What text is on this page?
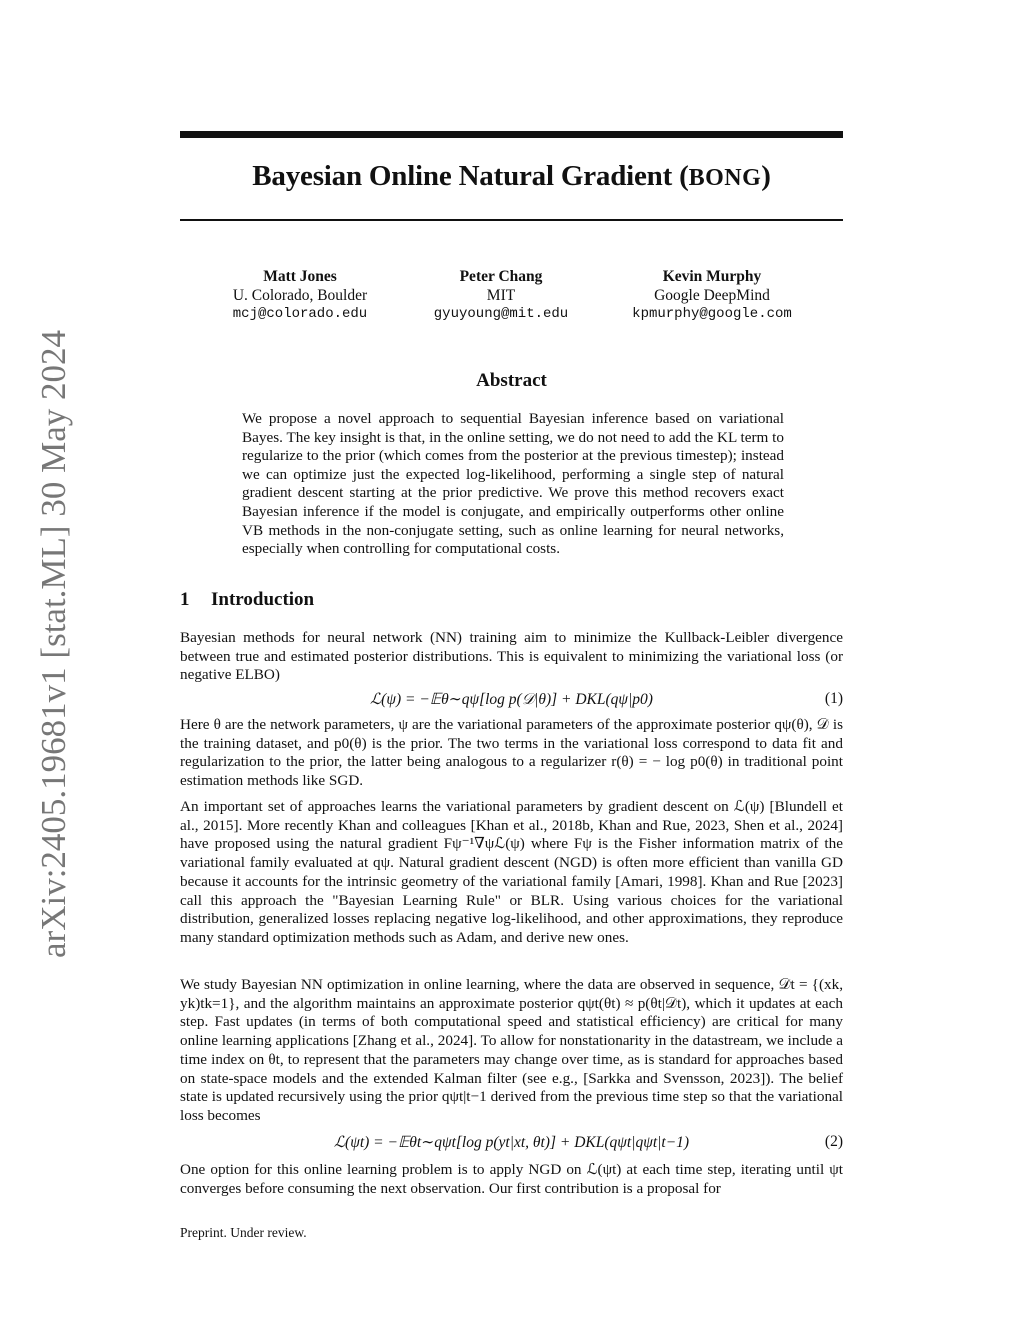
Bayesian Online Natural Gradient (BONG)
Matt Jones
U. Colorado, Boulder
mcj@colorado.edu
Peter Chang
MIT
gyuyoung@mit.edu
Kevin Murphy
Google DeepMind
kpmurphy@google.com
Abstract
We propose a novel approach to sequential Bayesian inference based on variational Bayes. The key insight is that, in the online setting, we do not need to add the KL term to regularize to the prior (which comes from the posterior at the previous timestep); instead we can optimize just the expected log-likelihood, performing a single step of natural gradient descent starting at the prior predictive. We prove this method recovers exact Bayesian inference if the model is conjugate, and empirically outperforms other online VB methods in the non-conjugate setting, such as online learning for neural networks, especially when controlling for computational costs.
1 Introduction
Bayesian methods for neural network (NN) training aim to minimize the Kullback-Leibler divergence between true and estimated posterior distributions. This is equivalent to minimizing the variational loss (or negative ELBO)
ℒ(ψ) = −𝔼θ∼qψ[log p(𝒟|θ)] + DKL(qψ|p0)	(1)
Here θ are the network parameters, ψ are the variational parameters of the approximate posterior qψ(θ), 𝒟 is the training dataset, and p0(θ) is the prior. The two terms in the variational loss correspond to data fit and regularization to the prior, the latter being analogous to a regularizer r(θ) = − log p0(θ) in traditional point estimation methods like SGD.
An important set of approaches learns the variational parameters by gradient descent on ℒ(ψ) [Blundell et al., 2015]. More recently Khan and colleagues [Khan et al., 2018b, Khan and Rue, 2023, Shen et al., 2024] have proposed using the natural gradient Fψ⁻¹∇ψℒ(ψ) where Fψ is the Fisher information matrix of the variational family evaluated at qψ. Natural gradient descent (NGD) is often more efficient than vanilla GD because it accounts for the intrinsic geometry of the variational family [Amari, 1998]. Khan and Rue [2023] call this approach the "Bayesian Learning Rule" or BLR. Using various choices for the variational distribution, generalized losses replacing negative log-likelihood, and other approximations, they reproduce many standard optimization methods such as Adam, and derive new ones.
We study Bayesian NN optimization in online learning, where the data are observed in sequence, 𝒟t = {(xk, yk)tk=1}, and the algorithm maintains an approximate posterior qψt(θt) ≈ p(θt|𝒟t), which it updates at each step. Fast updates (in terms of both computational speed and statistical efficiency) are critical for many online learning applications [Zhang et al., 2024]. To allow for nonstationarity in the datastream, we include a time index on θt, to represent that the parameters may change over time, as is standard for approaches based on state-space models and the extended Kalman filter (see e.g., [Sarkka and Svensson, 2023]). The belief state is updated recursively using the prior qψt|t−1 derived from the previous time step so that the variational loss becomes
ℒ(ψt) = −𝔼θt∼qψt[log p(yt|xt, θt)] + DKL(qψt|qψt|t−1)	(2)
One option for this online learning problem is to apply NGD on ℒ(ψt) at each time step, iterating until ψt converges before consuming the next observation. Our first contribution is a proposal for
Preprint. Under review.
arXiv:2405.19681v1 [stat.ML] 30 May 2024
